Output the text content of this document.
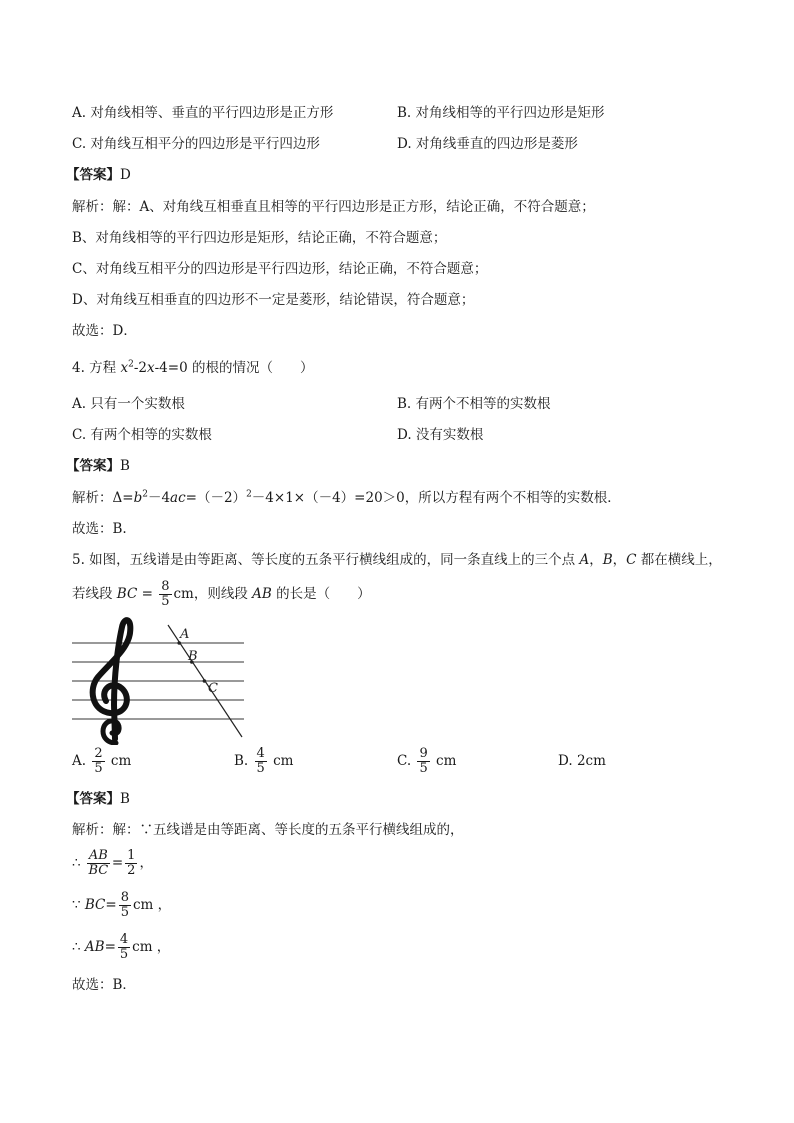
A. 对角线相等、垂直的平行四边形是正方形	B. 对角线相等的平行四边形是矩形
C. 对角线互相平分的四边形是平行四边形	D. 对角线垂直的四边形是菱形
【答案】D
解析：解：A、对角线互相垂直且相等的平行四边形是正方形，结论正确，不符合题意；
B、对角线相等的平行四边形是矩形，结论正确，不符合题意；
C、对角线互相平分的四边形是平行四边形，结论正确，不符合题意；
D、对角线互相垂直的四边形不一定是菱形，结论错误，符合题意；
故选：D．
4. 方程 $x^2-2x-4=0$ 的根的情况（　　）
A. 只有一个实数根	B. 有两个不相等的实数根
C. 有两个相等的实数根	D. 没有实数根
【答案】B
解析：$\Delta=b^2-4ac=(-2)^2-4\times 1\times(-4)=20>0$，所以方程有两个不相等的实数根．
故选：B.
5. 如图，五线谱是由等距离、等长度的五条平行横线组成的，同一条直线上的三个点 A，B，C 都在横线上，
若线段 BC = $\frac{8}{5}$ cm，则线段 AB 的长是（　　）
A
B
C
A. $\frac{2}{5}$ cm	B. $\frac{4}{5}$ cm	C. $\frac{9}{5}$ cm	D. 2cm
【答案】B
解析：解：∵五线谱是由等距离、等长度的五条平行横线组成的，
∴ $\frac{AB}{BC} = \frac{1}{2}$ ，
∵ $BC= \frac{8}{5}$ cm ，
∴ $AB= \frac{4}{5}$ cm ，
故选：B．
